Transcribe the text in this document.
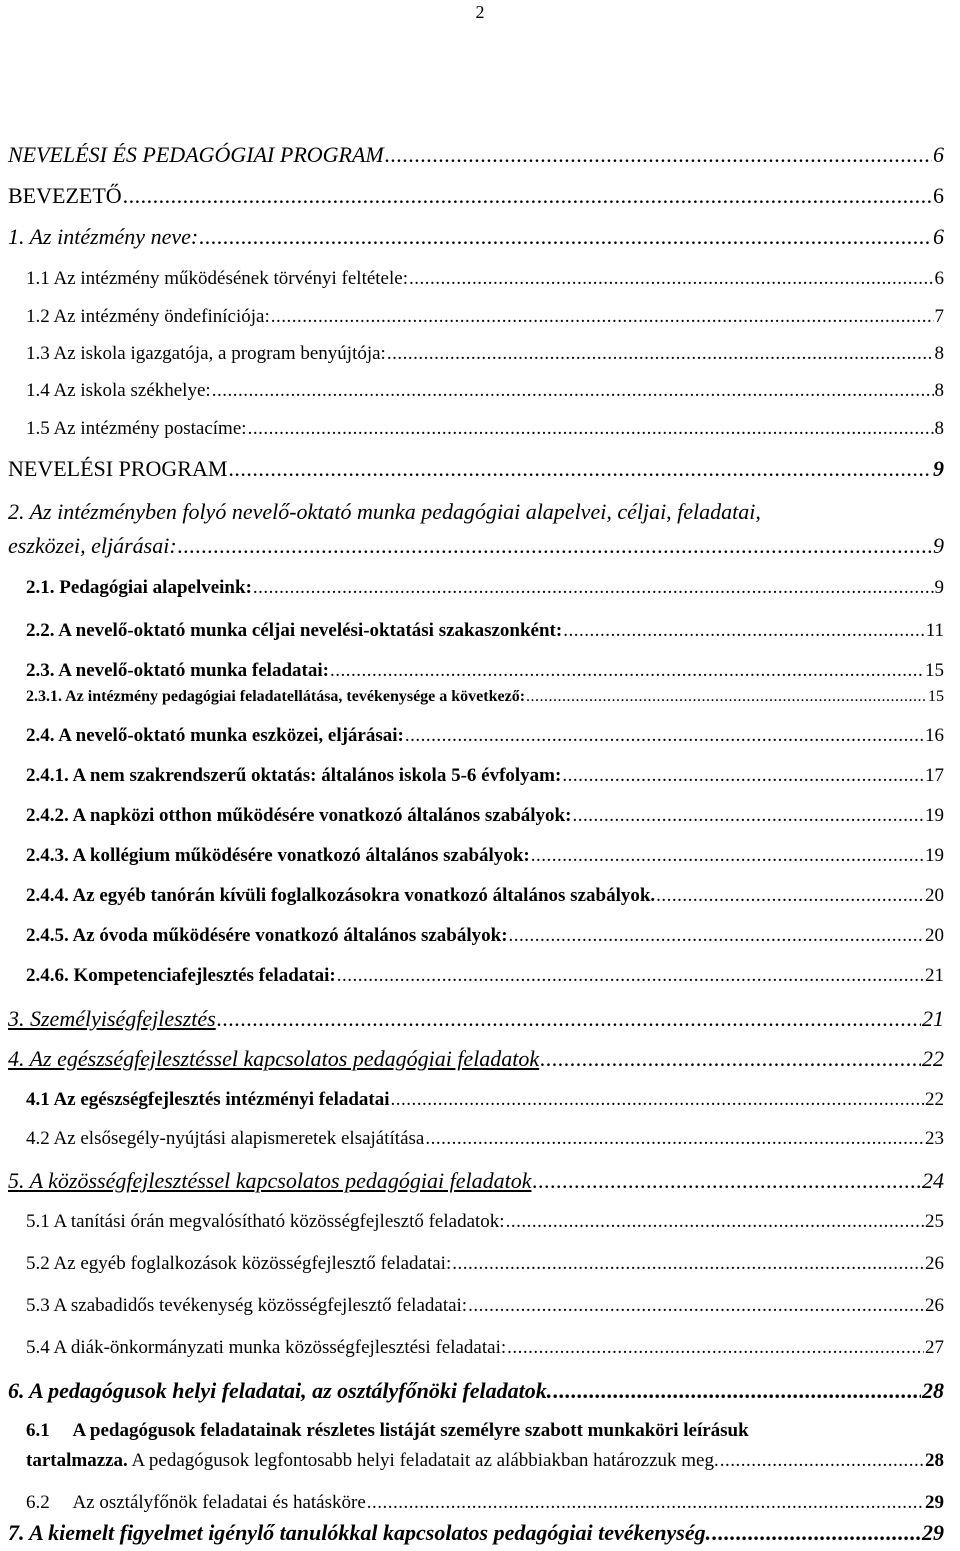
2
NEVELÉSI ÉS PEDAGÓGIAI PROGRAM .....	6
BEVEZETŐ .....	6
1. Az intézmény neve: .....	6
1.1 Az intézmény működésének törvényi feltétele: .....	6
1.2 Az intézmény öndefiníciója: .....	7
1.3 Az iskola igazgatója, a program benyújtója: .....	8
1.4 Az iskola székhelye: .....	8
1.5 Az intézmény postacíme: .....	8
NEVELÉSI PROGRAM .....	9
2. Az intézményben folyó nevelő-oktató munka pedagógiai alapelvei, céljai, feladatai,
eszközei, eljárásai: .....	9
2.1. Pedagógiai alapelveink: .....	9
2.2. A nevelő-oktató munka céljai nevelési-oktatási szakaszonként: .....	11
2.3. A nevelő-oktató munka feladatai: .....	15
2.3.1. Az intézmény pedagógiai feladatellátása, tevékenysége a következő: .....	15
2.4. A nevelő-oktató munka eszközei, eljárásai: .....	16
2.4.1. A nem szakrendszerű oktatás: általános iskola 5-6 évfolyam: .....	17
2.4.2. A napközi otthon működésére vonatkozó általános szabályok: .....	19
2.4.3. A kollégium működésére vonatkozó általános szabályok: .....	19
2.4.4. Az egyéb tanórán kívüli foglalkozásokra vonatkozó általános szabályok. .....	20
2.4.5. Az óvoda működésére vonatkozó általános szabályok: .....	20
2.4.6. Kompetenciafejlesztés feladatai: .....	21
3. Személyiségfejlesztés .....	21
4. Az egészségfejlesztéssel kapcsolatos pedagógiai feladatok .....	22
4.1 Az egészségfejlesztés intézményi feladatai .....	22
4.2 Az elsősegély-nyújtási alapismeretek elsajátítása .....	23
5. A közösségfejlesztéssel kapcsolatos pedagógiai feladatok .....	24
5.1 A tanítási órán megvalósítható közösségfejlesztő feladatok: .....	25
5.2 Az egyéb foglalkozások közösségfejlesztő feladatai: .....	26
5.3 A szabadidős tevékenység közösségfejlesztő feladatai: .....	26
5.4 A diák-önkormányzati munka közösségfejlesztési feladatai: .....	27
6. A pedagógusok helyi feladatai, az osztályfőnöki feladatok. .....	28
6.1     A pedagógusok feladatainak részletes listáját személyre szabott munkaköri leírásuk
tartalmazza. A pedagógusok legfontosabb helyi feladatait az alábbiakban határozzuk meg. .....	28
6.2     Az osztályfőnök feladatai és hatásköre .....	29
7. A kiemelt figyelmet igénylő tanulókkal kapcsolatos pedagógiai tevékenység. .....	29
